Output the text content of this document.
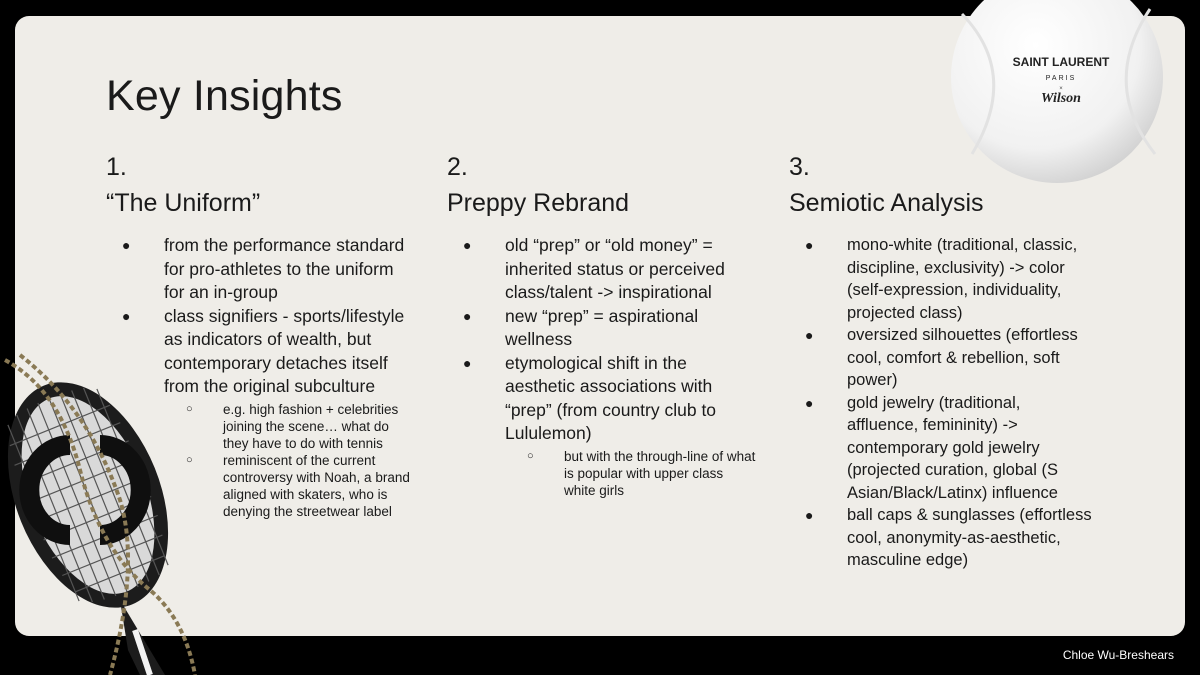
Key Insights

1.

“The Uniform”

● from the performance standard for pro-athletes to the uniform for an in-group
● class signifiers - sports/lifestyle as indicators of wealth, but contemporary detaches itself from the original subculture
○ e.g. high fashion + celebrities joining the scene… what do they have to do with tennis
○ reminiscent of the current controversy with Noah, a brand aligned with skaters, who is denying the streetwear label

2.

Preppy Rebrand

● old “prep” or “old money” = inherited status or perceived class/talent -> inspirational
● new “prep” = aspirational wellness
● etymological shift in the aesthetic associations with “prep” (from country club to Lululemon)
○ but with the through-line of what is popular with upper class white girls

3.

Semiotic Analysis

● mono-white (traditional, classic, discipline, exclusivity) -> color (self-expression, individuality, projected class)
● oversized silhouettes (effortless cool, comfort & rebellion, soft power)
● gold jewelry (traditional, affluence, femininity) -> contemporary gold jewelry (projected curation, global (S Asian/Black/Latinx) influence
● ball caps & sunglasses (effortless cool, anonymity-as-aesthetic, masculine edge)
SAINT LAURENT
PARIS
×
Wilson
Chloe Wu-Breshears
